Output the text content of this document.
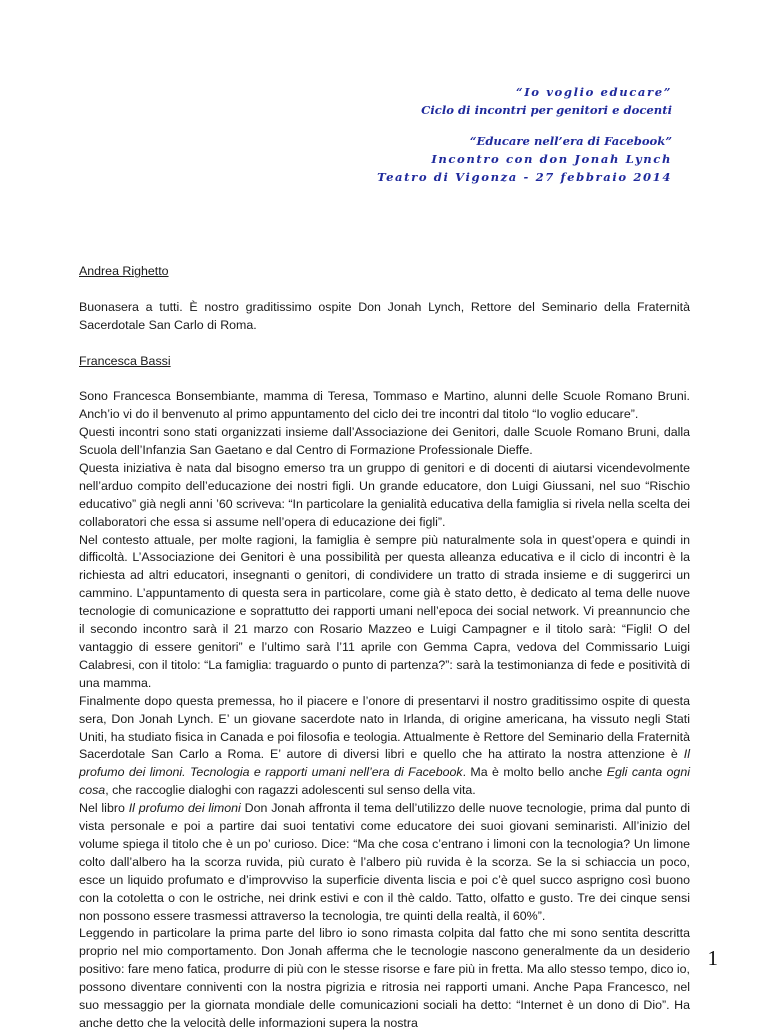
“Io voglio educare”
Ciclo di incontri per genitori e docenti
“Educare nell’era di Facebook”
Incontro con don Jonah Lynch
Teatro di Vigonza - 27 febbraio 2014
Andrea Righetto

Buonasera a tutti. È nostro graditissimo ospite Don Jonah Lynch, Rettore del Seminario della Fraternità Sacerdotale San Carlo di Roma.

Francesca Bassi

Sono Francesca Bonsembiante, mamma di Teresa, Tommaso e Martino, alunni delle Scuole Romano Bruni. Anch’io vi do il benvenuto al primo appuntamento del ciclo dei tre incontri dal titolo “Io voglio educare”.

Questi incontri sono stati organizzati insieme dall’Associazione dei Genitori, dalle Scuole Romano Bruni, dalla Scuola dell’Infanzia San Gaetano e dal Centro di Formazione Professionale Dieffe.

Questa iniziativa è nata dal bisogno emerso tra un gruppo di genitori e di docenti di aiutarsi vicendevolmente nell’arduo compito dell’educazione dei nostri figli. Un grande educatore, don Luigi Giussani, nel suo “Rischio educativo” già negli anni ’60 scriveva: “In particolare la genialità educativa della famiglia si rivela nella scelta dei collaboratori che essa si assume nell’opera di educazione dei figli”.

Nel contesto attuale, per molte ragioni, la famiglia è sempre più naturalmente sola in quest’opera e quindi in difficoltà. L’Associazione dei Genitori è una possibilità per questa alleanza educativa e il ciclo di incontri è la richiesta ad altri educatori, insegnanti o genitori, di condividere un tratto di strada insieme e di suggerirci un cammino. L’appuntamento di questa sera in particolare, come già è stato detto, è dedicato al tema delle nuove tecnologie di comunicazione e soprattutto dei rapporti umani nell’epoca dei social network. Vi preannuncio che il secondo incontro sarà il 21 marzo con Rosario Mazzeo e Luigi Campagner e il titolo sarà: “Figli! O del vantaggio di essere genitori” e l’ultimo sarà l’11 aprile con Gemma Capra, vedova del Commissario Luigi Calabresi, con il titolo: “La famiglia: traguardo o punto di partenza?”: sarà la testimonianza di fede e positività di una mamma.

Finalmente dopo questa premessa, ho il piacere e l’onore di presentarvi il nostro graditissimo ospite di questa sera, Don Jonah Lynch. E’ un giovane sacerdote nato in Irlanda, di origine americana, ha vissuto negli Stati Uniti, ha studiato fisica in Canada e poi filosofia e teologia. Attualmente è Rettore del Seminario della Fraternità Sacerdotale San Carlo a Roma. E’ autore di diversi libri e quello che ha attirato la nostra attenzione è Il profumo dei limoni. Tecnologia e rapporti umani nell’era di Facebook. Ma è molto bello anche Egli canta ogni cosa, che raccoglie dialoghi con ragazzi adolescenti sul senso della vita.

Nel libro Il profumo dei limoni Don Jonah affronta il tema dell’utilizzo delle nuove tecnologie, prima dal punto di vista personale e poi a partire dai suoi tentativi come educatore dei suoi giovani seminaristi. All’inizio del volume spiega il titolo che è un po’ curioso. Dice: “Ma che cosa c’entrano i limoni con la tecnologia? Un limone colto dall’albero ha la scorza ruvida, più curato è l’albero più ruvida è la scorza. Se la si schiaccia un poco, esce un liquido profumato e d’improvviso la superficie diventa liscia e poi c’è quel succo asprigno così buono con la cotoletta o con le ostriche, nei drink estivi e con il thè caldo. Tatto, olfatto e gusto. Tre dei cinque sensi non possono essere trasmessi attraverso la tecnologia, tre quinti della realtà, il 60%”.

Leggendo in particolare la prima parte del libro io sono rimasta colpita dal fatto che mi sono sentita descritta proprio nel mio comportamento. Don Jonah afferma che le tecnologie nascono generalmente da un desiderio positivo: fare meno fatica, produrre di più con le stesse risorse e fare più in fretta. Ma allo stesso tempo, dico io, possono diventare conniventi con la nostra pigrizia e ritrosia nei rapporti umani. Anche Papa Francesco, nel suo messaggio per la giornata mondiale delle comunicazioni sociali ha detto: “Internet è un dono di Dio”. Ha anche detto che la velocità delle informazioni supera la nostra

1
